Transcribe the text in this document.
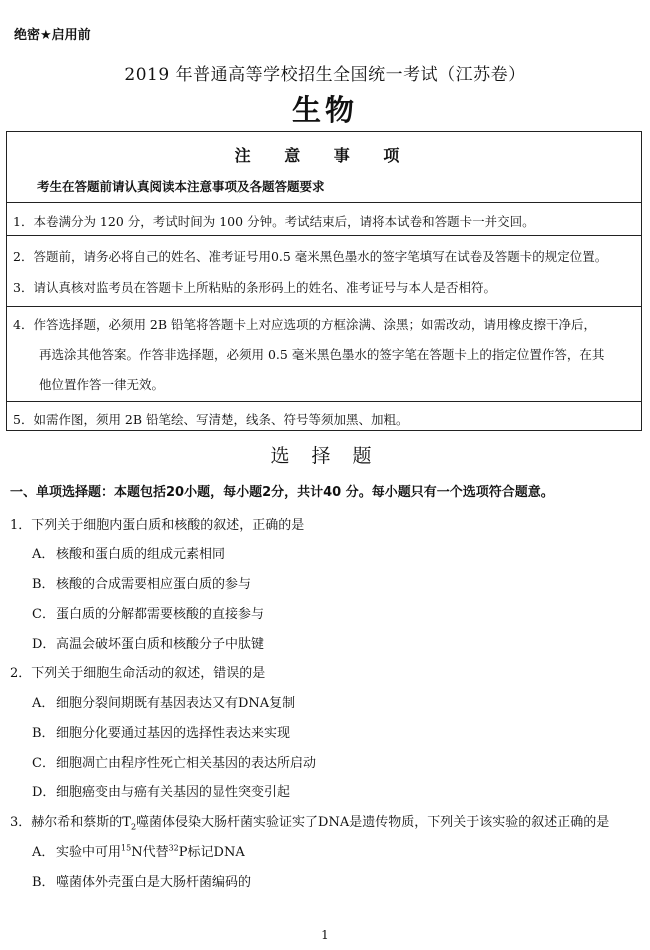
绝密★启用前
2019 年普通高等学校招生全国统一考试（江苏卷）
生物
注 意 事 项
考生在答题前请认真阅读本注意事项及各题答题要求
1．本卷满分为 120 分，考试时间为 100 分钟。考试结束后，请将本试卷和答题卡一并交回。
2．答题前，请务必将自己的姓名、准考证号用0.5 毫米黑色墨水的签字笔填写在试卷及答题卡的规定位置。
3．请认真核对监考员在答题卡上所粘贴的条形码上的姓名、准考证号与本人是否相符。
4．作答选择题，必须用 2B 铅笔将答题卡上对应选项的方框涂满、涂黑；如需改动，请用橡皮擦干净后，
再选涂其他答案。作答非选择题，必须用 0.5 毫米黑色墨水的签字笔在答题卡上的指定位置作答，在其
他位置作答一律无效。
5．如需作图，须用 2B 铅笔绘、写清楚，线条、符号等须加黑、加粗。
选 择 题
一、单项选择题：本题包括20小题，每小题2分，共计40 分。每小题只有一个选项符合题意。
1．下列关于细胞内蛋白质和核酸的叙述，正确的是
A． 核酸和蛋白质的组成元素相同
B．核酸的合成需要相应蛋白质的参与
C．蛋白质的分解都需要核酸的直接参与
D．高温会破坏蛋白质和核酸分子中肽键
2．下列关于细胞生命活动的叙述，错误的是
A． 细胞分裂间期既有基因表达又有DNA复制
B．细胞分化要通过基因的选择性表达来实现
C．细胞凋亡由程序性死亡相关基因的表达所启动
D．细胞癌变由与癌有关基因的显性突变引起
3．赫尔希和蔡斯的$T_2$噬菌体侵染大肠杆菌实验证实了DNA是遗传物质，下列关于该实验的叙述正确的是
A． 实验中可用$^{15}$N代替$^{32}$P标记DNA
B．噬菌体外壳蛋白是大肠杆菌编码的
1
